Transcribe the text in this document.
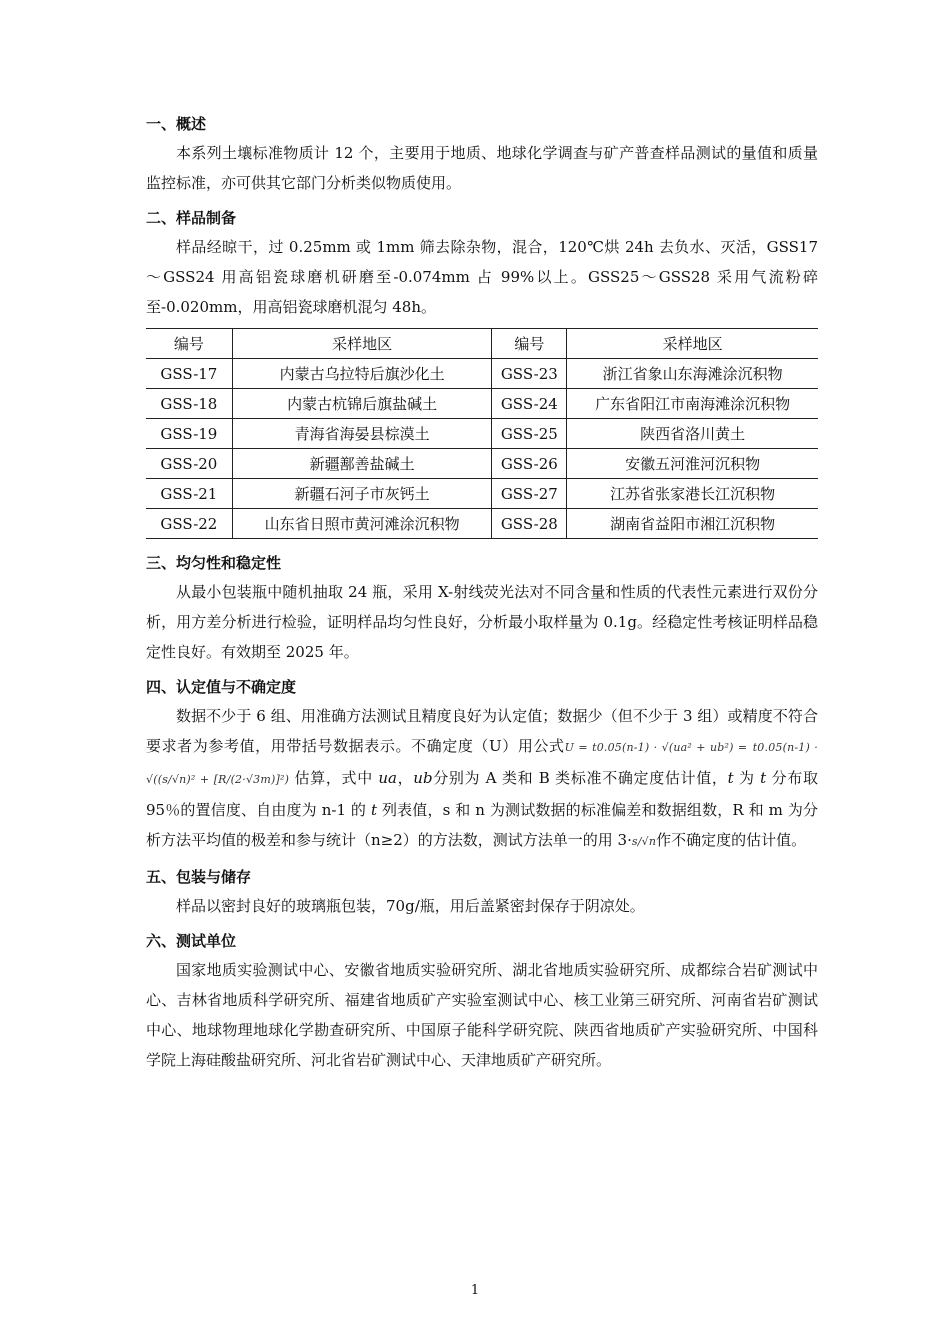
一、概述

本系列土壤标准物质计 12 个，主要用于地质、地球化学调查与矿产普查样品测试的量值和质量监控标准，亦可供其它部门分析类似物质使用。

二、样品制备

样品经晾干，过 0.25mm 或 1mm 筛去除杂物，混合，120℃烘 24h 去负水、灭活，GSS17～GSS24 用高铝瓷球磨机研磨至-0.074mm 占 99%以上。GSS25～GSS28 采用气流粉碎至-0.020mm，用高铝瓷球磨机混匀 48h。

编号	采样地区	编号	采样地区
GSS-17	内蒙古乌拉特后旗沙化土	GSS-23	浙江省象山东海滩涂沉积物
GSS-18	内蒙古杭锦后旗盐碱土	GSS-24	广东省阳江市南海滩涂沉积物
GSS-19	青海省海晏县棕漠土	GSS-25	陕西省洛川黄土
GSS-20	新疆鄯善盐碱土	GSS-26	安徽五河淮河沉积物
GSS-21	新疆石河子市灰钙土	GSS-27	江苏省张家港长江沉积物
GSS-22	山东省日照市黄河滩涂沉积物	GSS-28	湖南省益阳市湘江沉积物
三、均匀性和稳定性

从最小包装瓶中随机抽取 24 瓶，采用 X-射线荧光法对不同含量和性质的代表性元素进行双份分析，用方差分析进行检验，证明样品均匀性良好，分析最小取样量为 0.1g。经稳定性考核证明样品稳定性良好。有效期至 2025 年。

四、认定值与不确定度

数据不少于 6 组、用准确方法测试且精度良好为认定值；数据少（但不少于 3 组）或精度不符合要求者为参考值，用带括号数据表示。不确定度（U）用公式U = t0.05(n-1) · √(ua² + ub²) = t0.05(n-1) · √((s/√n)² + [R/(2·√3m)]²) 估算，式中 ua，ub分别为 A 类和 B 类标准不确定度估计值，t 为 t 分布取 95％的置信度、自由度为 n-1 的 t 列表值，s 和 n 为测试数据的标准偏差和数据组数，R 和 m 为分析方法平均值的极差和参与统计（n≥2）的方法数，测试方法单一的用 3·s/√n作不确定度的估计值。

五、包装与储存

样品以密封良好的玻璃瓶包装，70g/瓶，用后盖紧密封保存于阴凉处。

六、测试单位

国家地质实验测试中心、安徽省地质实验研究所、湖北省地质实验研究所、成都综合岩矿测试中心、吉林省地质科学研究所、福建省地质矿产实验室测试中心、核工业第三研究所、河南省岩矿测试中心、地球物理地球化学勘查研究所、中国原子能科学研究院、陕西省地质矿产实验研究所、中国科学院上海硅酸盐研究所、河北省岩矿测试中心、天津地质矿产研究所。

1
